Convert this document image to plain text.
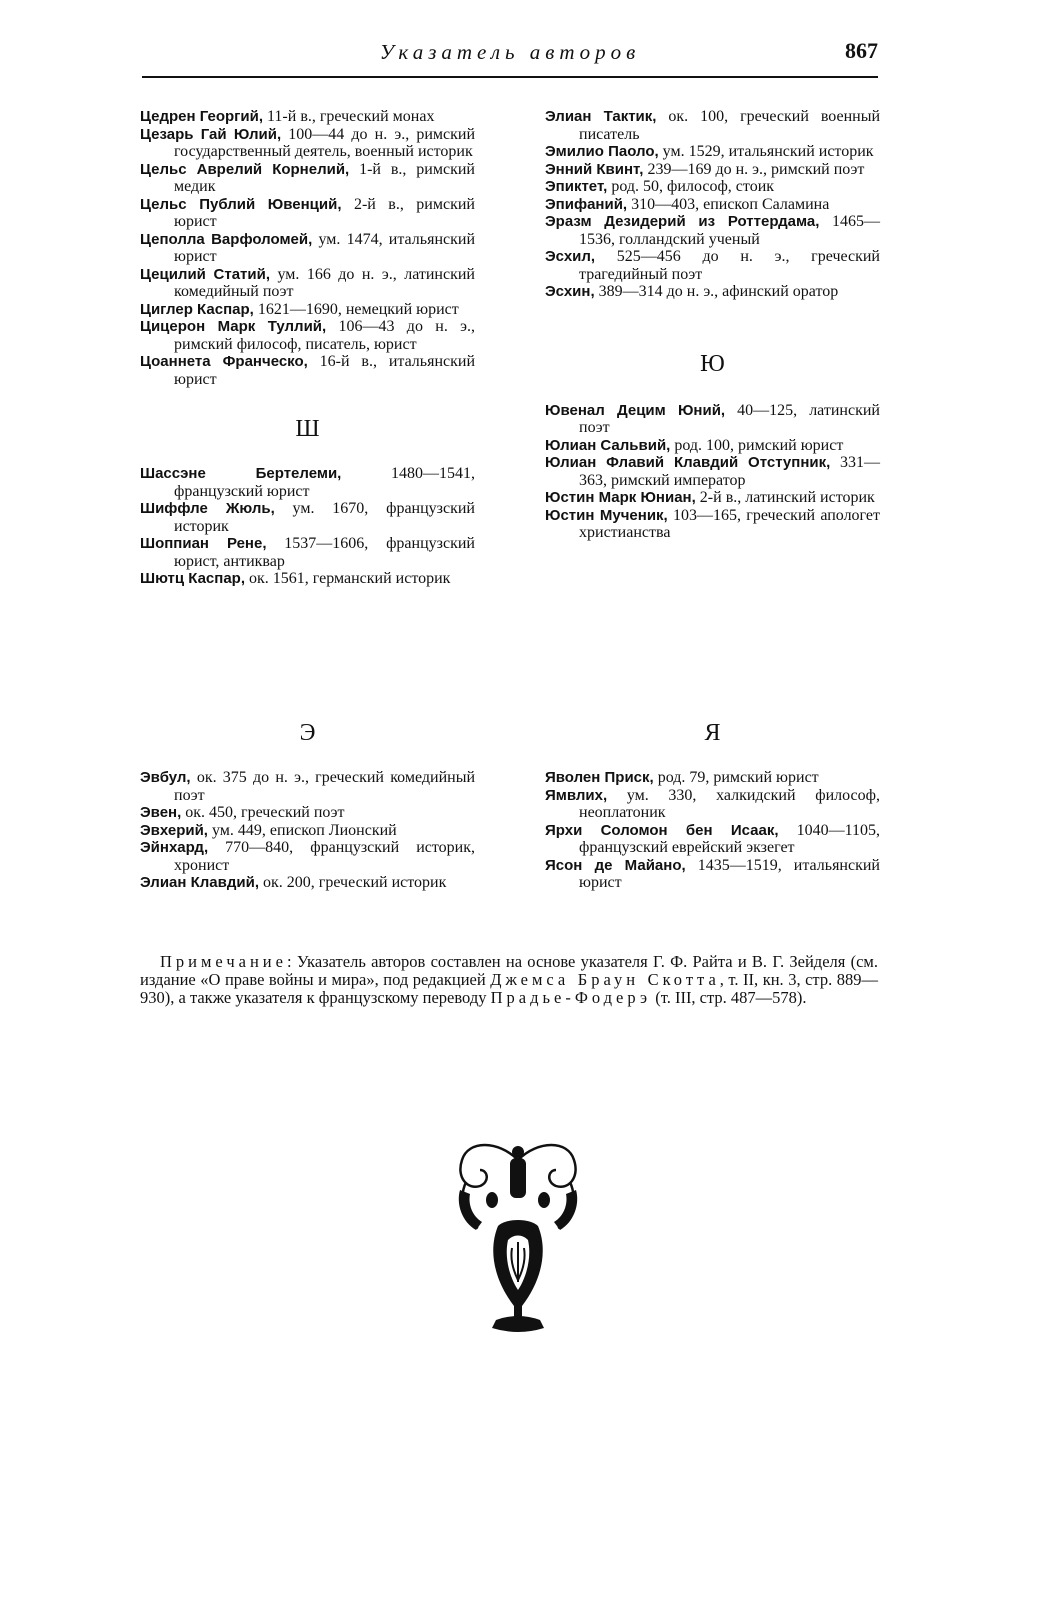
Указатель авторов	867

Цедрен Георгий, 11-й в., греческий монах

Цезарь Гай Юлий, 100—44 до н. э., римский государственный деятель, военный историк

Цельс Аврелий Корнелий, 1-й в., римский медик

Цельс Публий Ювенций, 2-й в., римский юрист

Цеполла Варфоломей, ум. 1474, итальянский юрист

Цецилий Статий, ум. 166 до н. э., латинский комедийный поэт

Циглер Каспар, 1621—1690, немецкий юрист

Цицерон Марк Туллий, 106—43 до н. э., римский философ, писатель, юрист

Цоаннета Франческо, 16-й в., итальянский юрист

Ш

Шассэне Бертелеми, 1480—1541, французский юрист

Шиффле Жюль, ум. 1670, французский историк

Шоппиан Рене, 1537—1606, французский юрист, антиквар

Шютц Каспар, ок. 1561, германский историк

Элиан Тактик, ок. 100, греческий военный писатель

Эмилио Паоло, ум. 1529, итальянский историк

Энний Квинт, 239—169 до н. э., римский поэт

Эпиктет, род. 50, философ, стоик

Эпифаний, 310—403, епископ Саламина

Эразм Дезидерий из Роттердама, 1465—1536, голландский ученый

Эсхил, 525—456 до н. э., греческий трагедийный поэт

Эсхин, 389—314 до н. э., афинский оратор

Ю

Ювенал Децим Юний, 40—125, латинский поэт

Юлиан Сальвий, род. 100, римский юрист

Юлиан Флавий Клавдий Отступник, 331—363, римский император

Юстин Марк Юниан, 2-й в., латинский историк

Юстин Мученик, 103—165, греческий апологет христианства

Э

Эвбул, ок. 375 до н. э., греческий комедийный поэт

Эвен, ок. 450, греческий поэт

Эвхерий, ум. 449, епископ Лионский

Эйнхард, 770—840, французский историк, хронист

Элиан Клавдий, ок. 200, греческий историк

Я

Яволен Приск, род. 79, римский юрист

Ямвлих, ум. 330, халкидский философ, неоплатоник

Ярхи Соломон бен Исаак, 1040—1105, французский еврейский экзегет

Ясон де Майано, 1435—1519, итальянский юрист

Примечание: Указатель авторов составлен на основе указателя Г. Ф. Райта и В. Г. Зейделя (см. издание «О праве войны и мира», под редакцией Джемса Браун Скотта, т. II, кн. 3, стр. 889—930), а также указателя к французскому переводу Прадье-Фодерэ (т. III, стр. 487—578).
